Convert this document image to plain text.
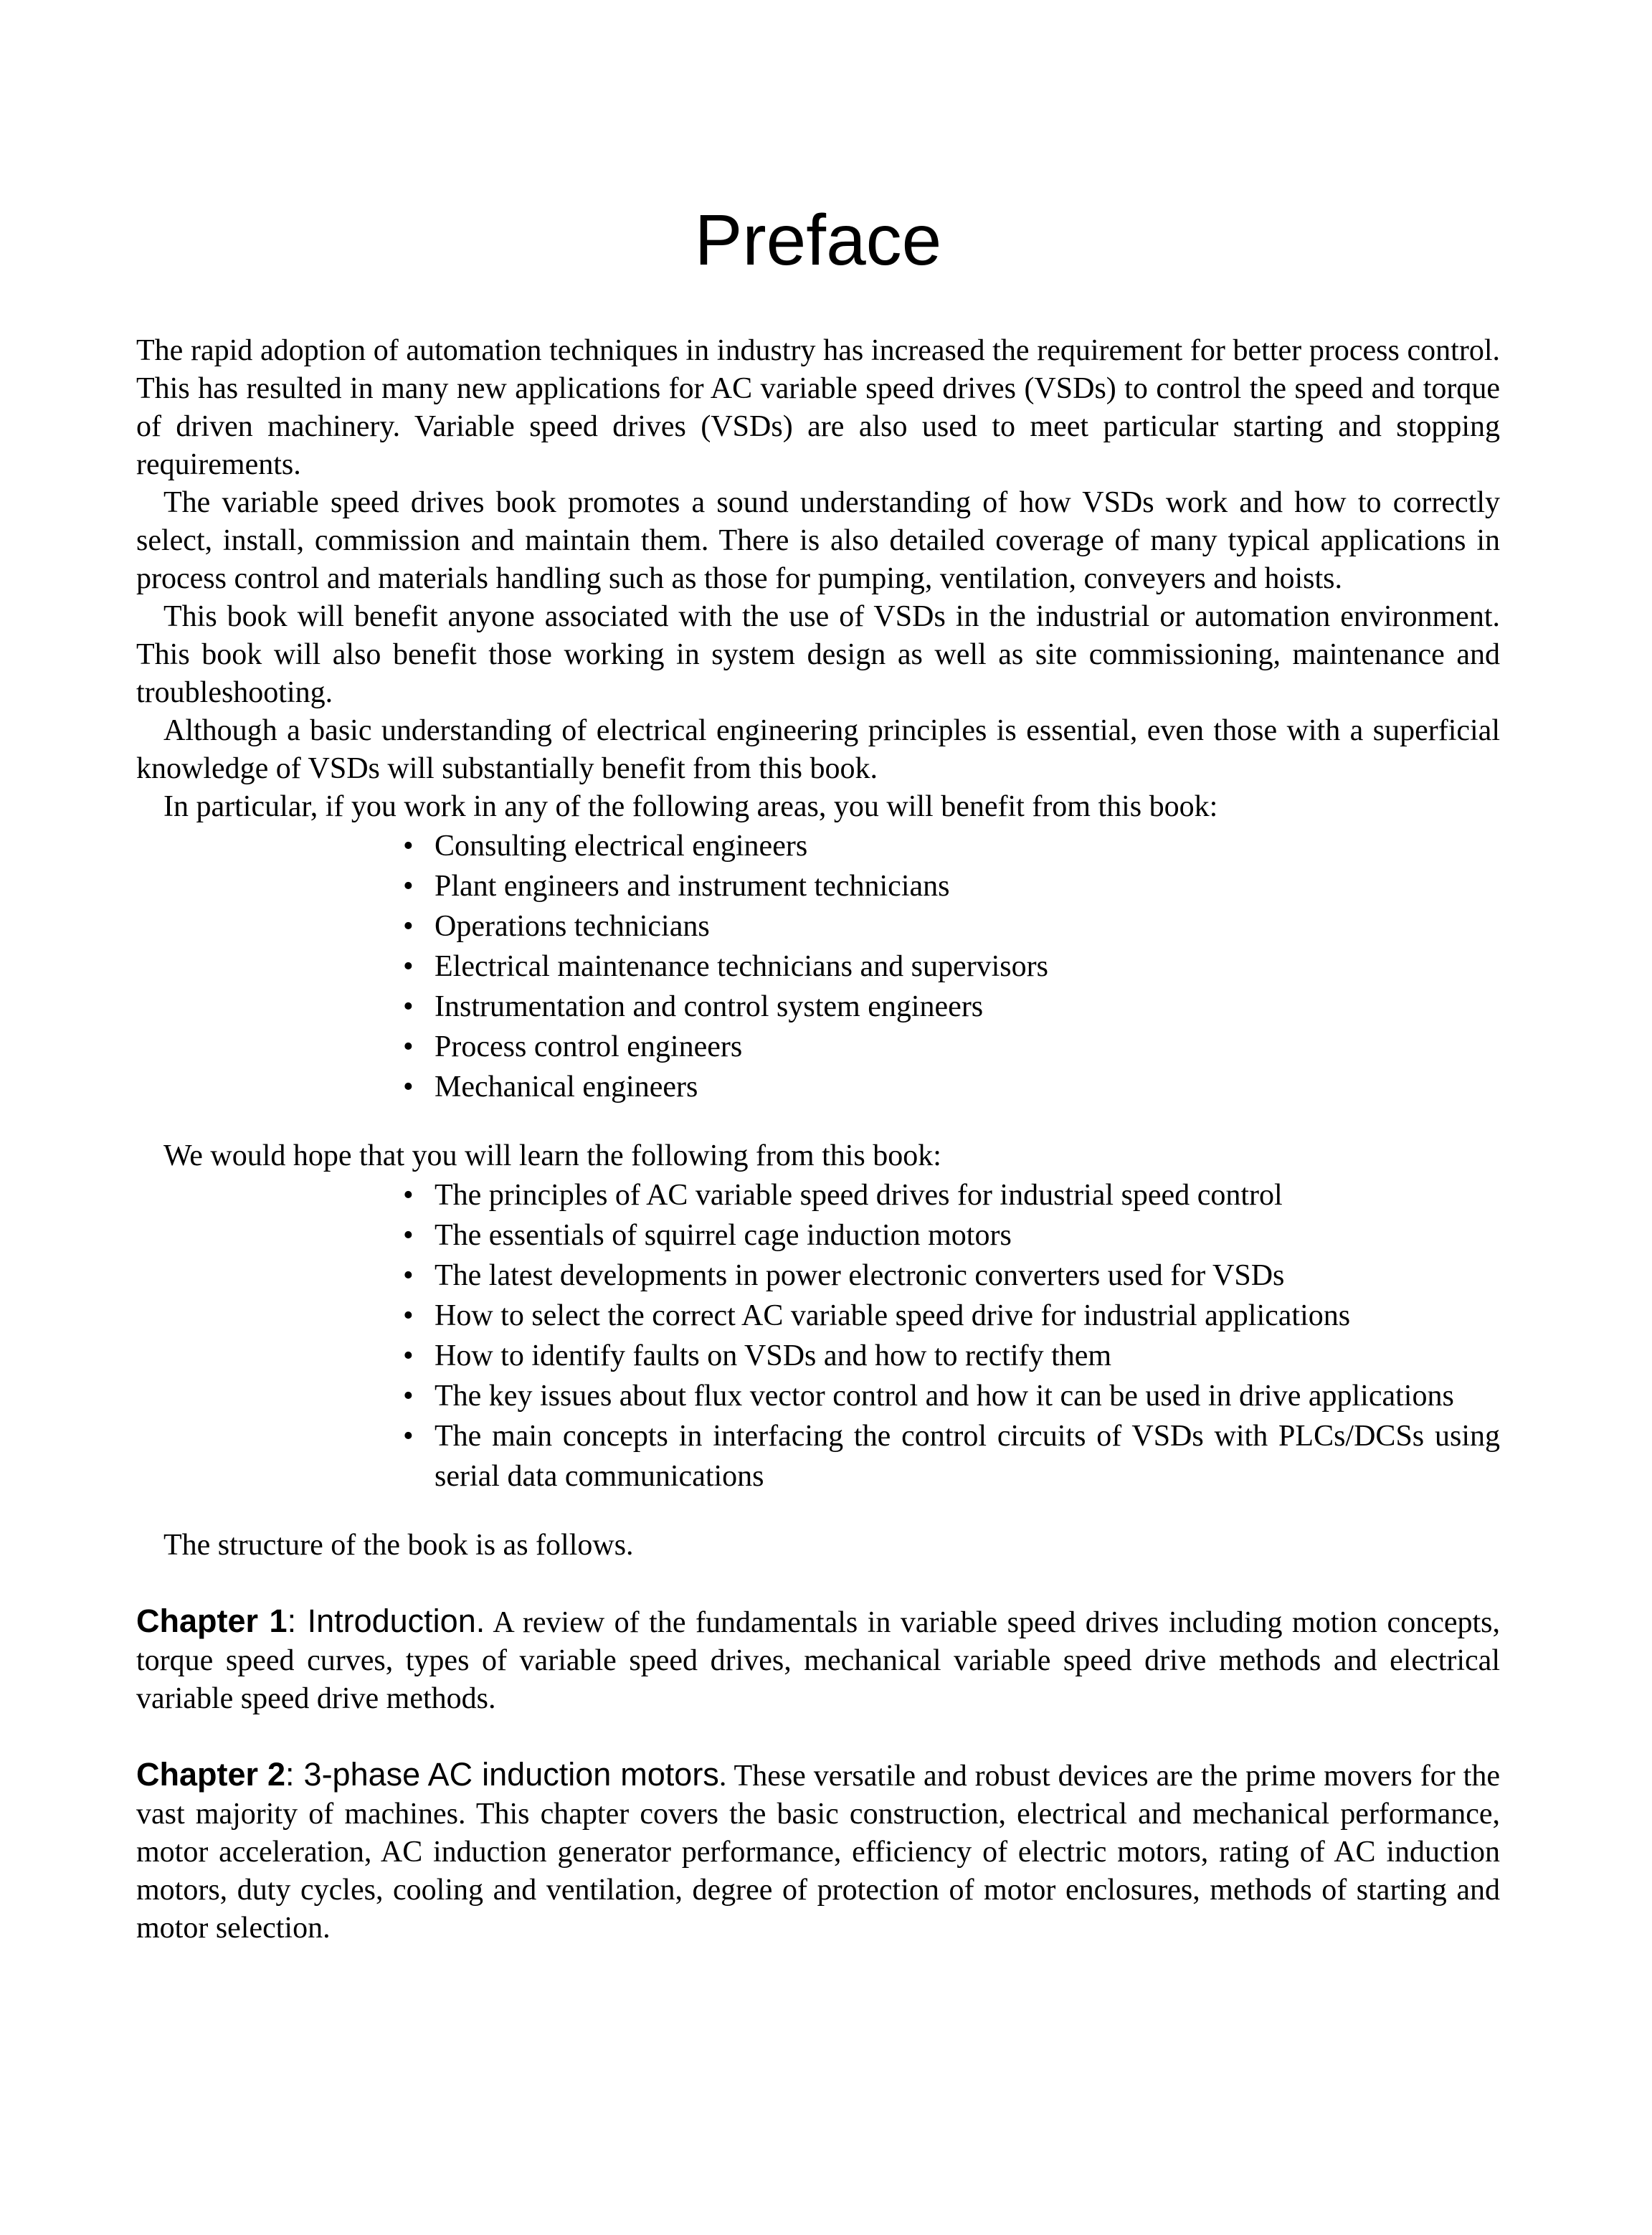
Preface

The rapid adoption of automation techniques in industry has increased the requirement for better process control. This has resulted in many new applications for AC variable speed drives (VSDs) to control the speed and torque of driven machinery. Variable speed drives (VSDs) are also used to meet particular starting and stopping requirements.

The variable speed drives book promotes a sound understanding of how VSDs work and how to correctly select, install, commission and maintain them. There is also detailed coverage of many typical applications in process control and materials handling such as those for pumping, ventilation, conveyers and hoists.

This book will benefit anyone associated with the use of VSDs in the industrial or automation environment. This book will also benefit those working in system design as well as site commissioning, maintenance and troubleshooting.

Although a basic understanding of electrical engineering principles is essential, even those with a superficial knowledge of VSDs will substantially benefit from this book.

In particular, if you work in any of the following areas, you will benefit from this book:

• Consulting electrical engineers
• Plant engineers and instrument technicians
• Operations technicians
• Electrical maintenance technicians and supervisors
• Instrumentation and control system engineers
• Process control engineers
• Mechanical engineers

We would hope that you will learn the following from this book:

• The principles of AC variable speed drives for industrial speed control
• The essentials of squirrel cage induction motors
• The latest developments in power electronic converters used for VSDs
• How to select the correct AC variable speed drive for industrial applications
• How to identify faults on VSDs and how to rectify them
• The key issues about flux vector control and how it can be used in drive applications
• The main concepts in interfacing the control circuits of VSDs with PLCs/DCSs using serial data communications

The structure of the book is as follows.

Chapter 1: Introduction. A review of the fundamentals in variable speed drives including motion concepts, torque speed curves, types of variable speed drives, mechanical variable speed drive methods and electrical variable speed drive methods.

Chapter 2: 3-phase AC induction motors. These versatile and robust devices are the prime movers for the vast majority of machines. This chapter covers the basic construction, electrical and mechanical performance, motor acceleration, AC induction generator performance, efficiency of electric motors, rating of AC induction motors, duty cycles, cooling and ventilation, degree of protection of motor enclosures, methods of starting and motor selection.
